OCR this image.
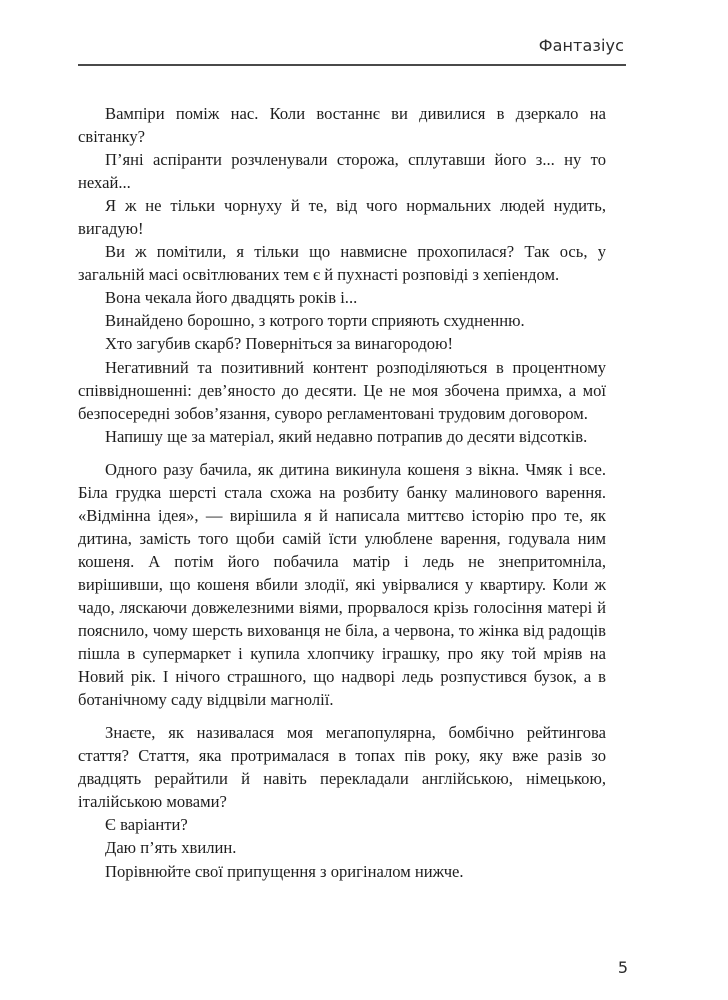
Фантазіус

Вампіри поміж нас. Коли востаннє ви дивилися в дзеркало на світанку?

П’яні аспіранти розчленували сторожа, сплутавши його з... ну то нехай...

Я ж не тільки чорнуху й те, від чого нормальних людей нудить, вигадую!

Ви ж помітили, я тільки що навмисне прохопилася? Так ось, у загальній масі освітлюваних тем є й пухнасті розповіді з хепіендом.

Вона чекала його двадцять років і...

Винайдено борошно, з котрого торти сприяють схудненню.

Хто загубив скарб? Поверніться за винагородою!

Негативний та позитивний контент розподіляються в процентному співвідношенні: дев’яносто до десяти. Це не моя збочена примха, а мої безпосередні зобов’язання, суворо регламентовані трудовим договором.

Напишу ще за матеріал, який недавно потрапив до десяти відсотків.

Одного разу бачила, як дитина викинула кошеня з вікна. Чмяк і все. Біла грудка шерсті стала схожа на розбиту банку малинового варення. «Відмінна ідея», — вирішила я й написала миттєво історію про те, як дитина, замість того щоби самій їсти улюблене варення, годувала ним кошеня. А потім його побачила матір і ледь не знепритомніла, вирішивши, що кошеня вбили злодії, які увірвалися у квартиру. Коли ж чадо, ляскаючи довжелезними віями, прорвалося крізь голосіння матері й пояснило, чому шерсть вихованця не біла, а червона, то жінка від радощів пішла в супермаркет і купила хлопчику іграшку, про яку той мріяв на Новий рік. І нічого страшного, що надворі ледь розпустився бузок, а в ботанічному саду відцвіли магнолії.

Знаєте, як називалася моя мегапопулярна, бомбічно рейтингова стаття? Стаття, яка протрималася в топах пів року, яку вже разів зо двадцять рерайтили й навіть перекладали англійською, німецькою, італійською мовами?

Є варіанти?

Даю п’ять хвилин.

Порівнюйте свої припущення з оригіналом нижче.

5
